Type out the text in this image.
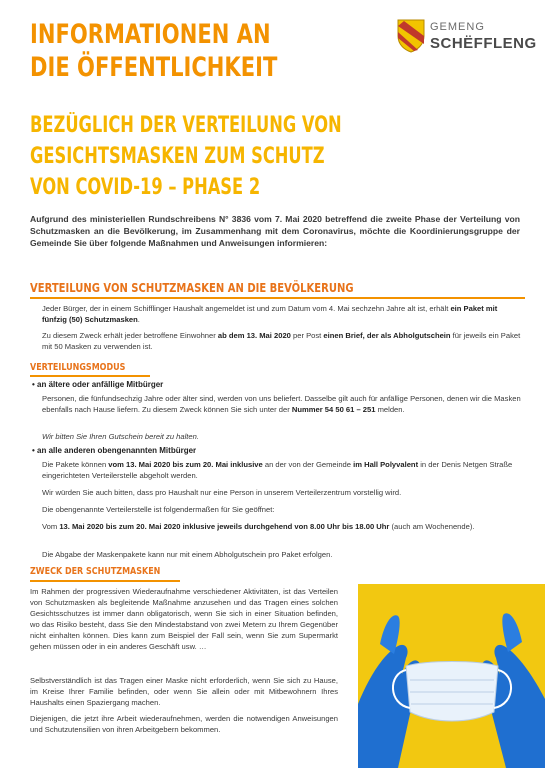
INFORMATIONEN AN
DIE ÖFFENTLICHKEIT
BEZÜGLICH DER VERTEILUNG VON
GESICHTSMASKEN ZUM SCHUTZ
VON COVID-19 – PHASE 2
GEMENG
SCHËFFLENG
Aufgrund des ministeriellen Rundschreibens N° 3836 vom 7. Mai 2020 betreffend die zweite Phase der Verteilung von Schutzmasken an die Bevölkerung, im Zusammenhang mit dem Coronavirus, möchte die Koordinierungsgruppe der Gemeinde Sie über folgende Maßnahmen und Anweisungen informieren:
VERTEILUNG VON SCHUTZMASKEN AN DIE BEVÖLKERUNG
Jeder Bürger, der in einem Schifflinger Haushalt angemeldet ist und zum Datum vom 4. Mai sechzehn Jahre alt ist, erhält ein Paket mit fünfzig (50) Schutzmasken.
Zu diesem Zweck erhält jeder betroffene Einwohner ab dem 13. Mai 2020 per Post einen Brief, der als Abholgutschein für jeweils ein Paket mit 50 Masken zu verwenden ist.
VERTEILUNGSMODUS
• an ältere oder anfällige Mitbürger
Personen, die fünfundsechzig Jahre oder älter sind, werden von uns beliefert. Dasselbe gilt auch für anfällige Personen, denen wir die Masken ebenfalls nach Hause liefern. Zu diesem Zweck können Sie sich unter der Nummer 54 50 61 – 251 melden.
Wir bitten Sie Ihren Gutschein bereit zu halten.
• an alle anderen obengenannten Mitbürger
Die Pakete können vom 13. Mai 2020 bis zum 20. Mai inklusive an der von der Gemeinde im Hall Polyvalent in der Denis Netgen Straße eingerichteten Verteilerstelle abgeholt werden.
Wir würden Sie auch bitten, dass pro Haushalt nur eine Person in unserem Verteilerzentrum vorstellig wird.
Die obengenannte Verteilerstelle ist folgendermaßen für Sie geöffnet:
Vom 13. Mai 2020 bis zum 20. Mai 2020 inklusive jeweils durchgehend von 8.00 Uhr bis 18.00 Uhr (auch am Wochenende).
Die Abgabe der Maskenpakete kann nur mit einem Abholgutschein pro Paket erfolgen.
ZWECK DER SCHUTZMASKEN
Im Rahmen der progressiven Wiederaufnahme verschiedener Aktivitäten, ist das Verteilen von Schutzmasken als begleitende Maßnahme anzusehen und das Tragen eines solchen Gesichtsschutzes ist immer dann obligatorisch, wenn Sie sich in einer Situation befinden, wo das Risiko besteht, dass Sie den Mindestabstand von zwei Metern zu Ihrem Gegenüber nicht einhalten können. Dies kann zum Beispiel der Fall sein, wenn Sie zum Supermarkt gehen müssen oder in ein anderes Geschäft usw. …
Selbstverständlich ist das Tragen einer Maske nicht erforderlich, wenn Sie sich zu Hause, im Kreise Ihrer Familie befinden, oder wenn Sie allein oder mit Mitbewohnern Ihres Haushalts einen Spaziergang machen.
Diejenigen, die jetzt ihre Arbeit wiederaufnehmen, werden die notwendigen Anweisungen und Schutzutensilien von ihren Arbeitgebern bekommen.
